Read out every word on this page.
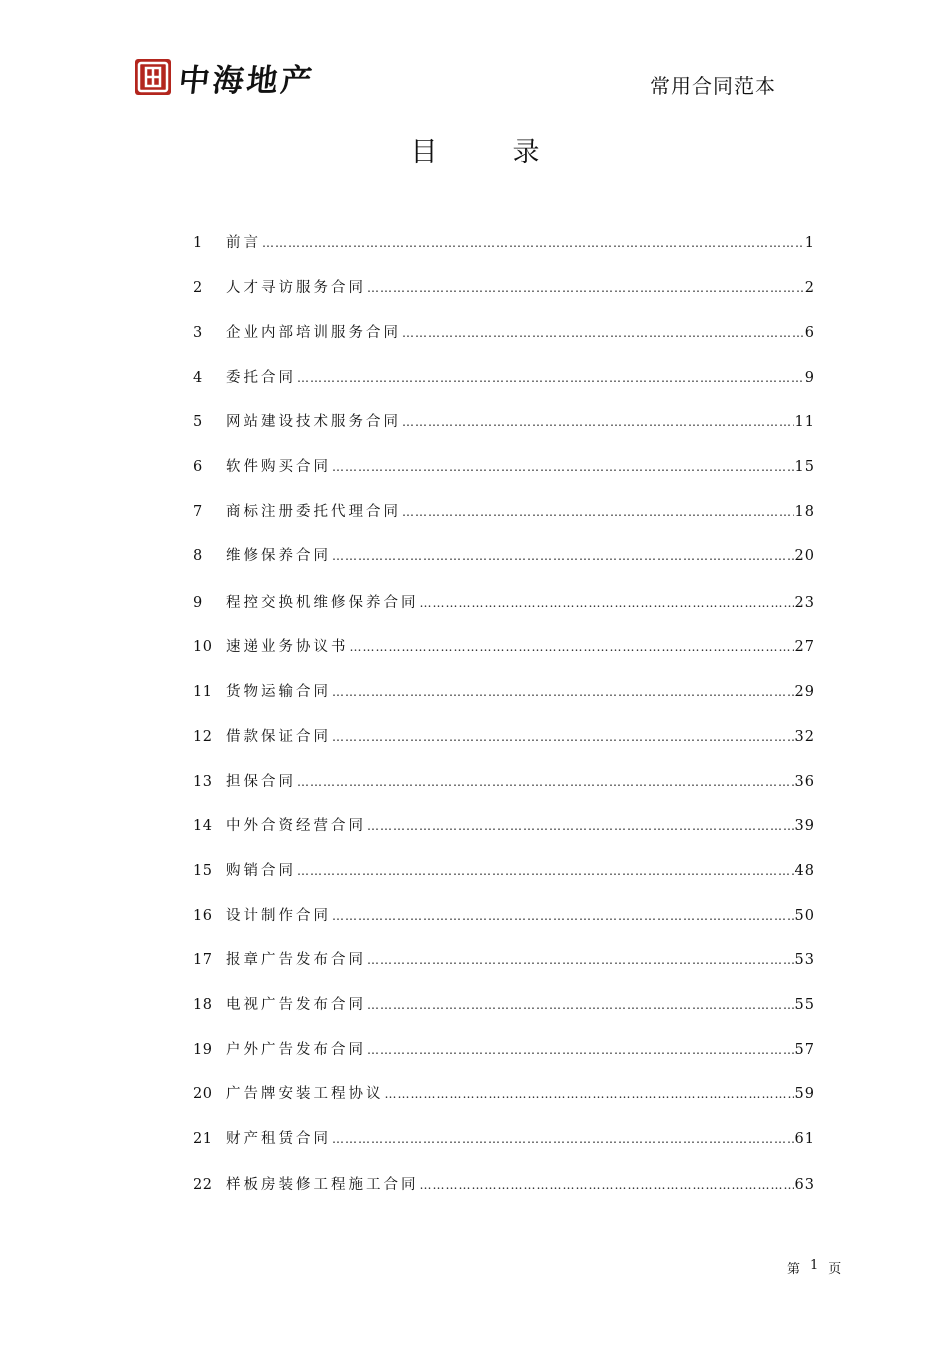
中海地产	常用合同范本
目	录
1	前言 ……………………………………………………………………………………………………………………………………………………………………	1
2	人才寻访服务合同 ……………………………………………………………………………………………………………………………………………………………………	2
3	企业内部培训服务合同 ……………………………………………………………………………………………………………………………………………………………………	6
4	委托合同 ……………………………………………………………………………………………………………………………………………………………………	9
5	网站建设技术服务合同 ……………………………………………………………………………………………………………………………………………………………………	11
6	软件购买合同 ……………………………………………………………………………………………………………………………………………………………………	15
7	商标注册委托代理合同 ……………………………………………………………………………………………………………………………………………………………………	18
8	维修保养合同 ……………………………………………………………………………………………………………………………………………………………………	20
9	程控交换机维修保养合同 ……………………………………………………………………………………………………………………………………………………………………	23
10 速递业务协议书 ……………………………………………………………………………………………………………………………………………………………………	27
11 货物运输合同 ……………………………………………………………………………………………………………………………………………………………………	29
12 借款保证合同 ……………………………………………………………………………………………………………………………………………………………………	32
13 担保合同 ……………………………………………………………………………………………………………………………………………………………………	36
14 中外合资经营合同 ……………………………………………………………………………………………………………………………………………………………………	39
15 购销合同 ……………………………………………………………………………………………………………………………………………………………………	48
16 设计制作合同 ……………………………………………………………………………………………………………………………………………………………………	50
17 报章广告发布合同 ……………………………………………………………………………………………………………………………………………………………………	53
18 电视广告发布合同 ……………………………………………………………………………………………………………………………………………………………………	55
19 户外广告发布合同 ……………………………………………………………………………………………………………………………………………………………………	57
20 广告牌安装工程协议 ……………………………………………………………………………………………………………………………………………………………………	59
21 财产租赁合同 ……………………………………………………………………………………………………………………………………………………………………	61
22 样板房装修工程施工合同 ……………………………………………………………………………………………………………………………………………………………………	63
第 1 页
